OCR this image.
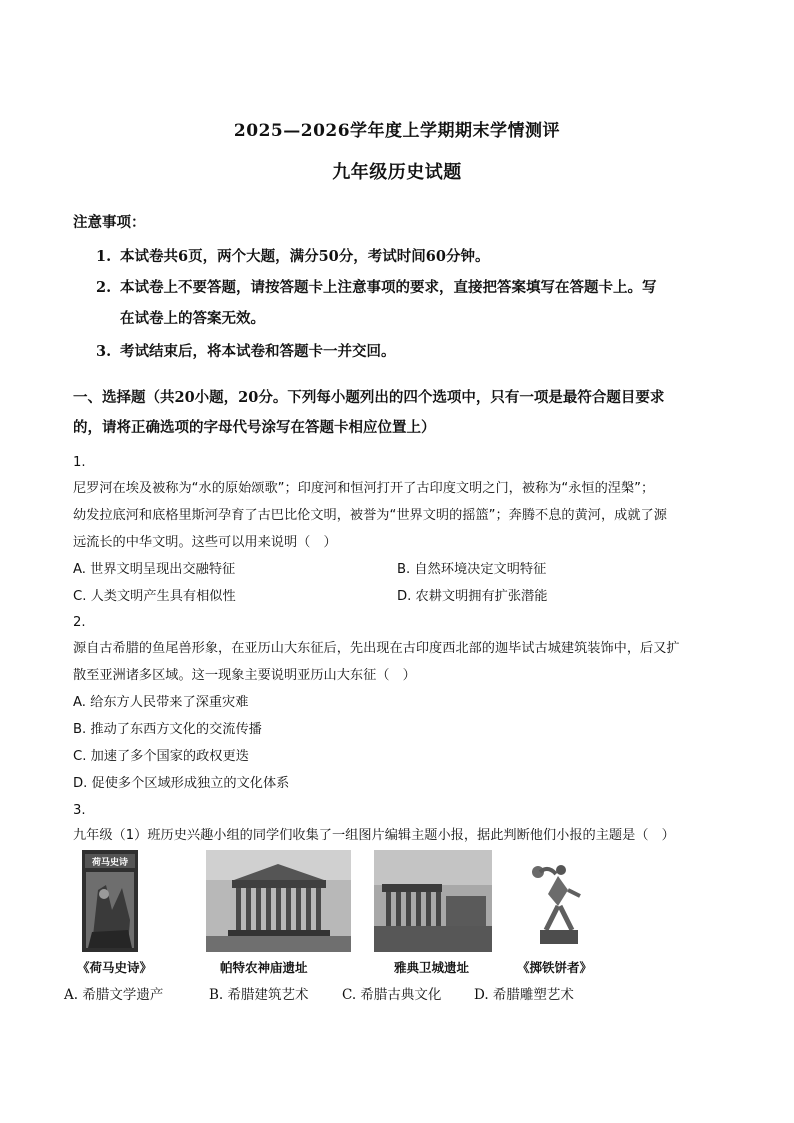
2025—2026学年度上学期期末学情测评
九年级历史试题
注意事项：
1. 本试卷共6页，两个大题，满分50分，考试时间60分钟。
2. 本试卷上不要答题，请按答题卡上注意事项的要求，直接把答案填写在答题卡上。写
在试卷上的答案无效。
3. 考试结束后，将本试卷和答题卡一并交回。
一、选择题（共20小题，20分。下列每小题列出的四个选项中，只有一项是最符合题目要求
的，请将正确选项的字母代号涂写在答题卡相应位置上）
1.
尼罗河在埃及被称为“水的原始颂歌”；印度河和恒河打开了古印度文明之门，被称为“永恒的涅槃”；
幼发拉底河和底格里斯河孕育了古巴比伦文明，被誉为“世界文明的摇篮”；奔腾不息的黄河，成就了源
远流长的中华文明。这些可以用来说明（　）
A. 世界文明呈现出交融特征	B. 自然环境决定文明特征
C. 人类文明产生具有相似性	D. 农耕文明拥有扩张潜能
2.
源自古希腊的鱼尾兽形象，在亚历山大东征后，先出现在古印度西北部的迦毕试古城建筑装饰中，后又扩
散至亚洲诸多区域。这一现象主要说明亚历山大东征（　）
A. 给东方人民带来了深重灾难
B. 推动了东西方文化的交流传播
C. 加速了多个国家的政权更迭
D. 促使多个区域形成独立的文化体系
3.
九年级（1）班历史兴趣小组的同学们收集了一组图片编辑主题小报，据此判断他们小报的主题是（　）
荷马史诗
《荷马史诗》	帕特农神庙遗址	雅典卫城遗址	《掷铁饼者》
A. 希腊文学遗产	B. 希腊建筑艺术 C. 希腊古典文化 D. 希腊雕塑艺术
